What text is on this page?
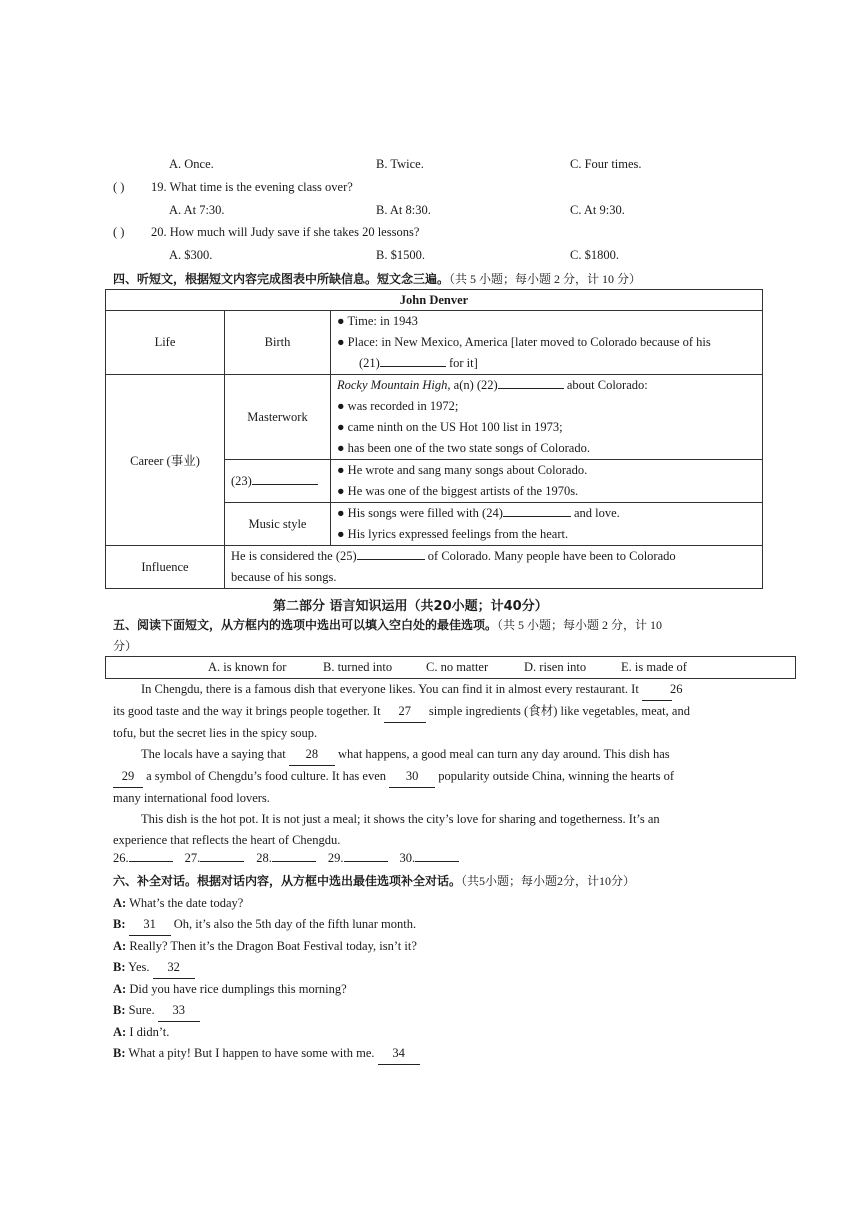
A. Once.	B. Twice.	C. Four times.
( ) 19. What time is the evening class over?
A. At 7:30.	B. At 8:30.	C. At 9:30.
( ) 20. How much will Judy save if she takes 20 lessons?
A. $300.	B. $1500.	C. $1800.
四、听短文，根据短文内容完成图表中所缺信息。短文念三遍。（共 5 小题；每小题 2 分，计 10 分）
John Denver		
Life	Birth	● Time: in 1943
● Place: in New Mexico, America [later moved to Colorado because of his
(21) for it]

Career (事业)	Masterwork	Rocky Mountain High, a(n) (22) about Colorado:
● was recorded in 1972;
● came ninth on the US Hot 100 list in 1973;
● has been one of the two state songs of Colorado.

	(23)	● He wrote and sang many songs about Colorado.
● He was one of the biggest artists of the 1970s.

	Music style	● His songs were filled with (24) and love.
● His lyrics expressed feelings from the heart.

Influence	He is considered the (25) of Colorado. Many people have been to Colorado
because of his songs.	
第二部分 语言知识运用（共20小题；计40分）
五、阅读下面短文，从方框内的选项中选出可以填入空白处的最佳选项。（共 5 小题；每小题 2 分，计 10
分）
A. is known for	B. turned into	C. no matter	D. risen into	E. is made of
In Chengdu, there is a famous dish that everyone likes. You can find it in almost every restaurant. It 26
its good taste and the way it brings people together. It 27 simple ingredients (食材) like vegetables, meat, and
tofu, but the secret lies in the spicy soup.
The locals have a saying that 28 what happens, a good meal can turn any day around. This dish has
29 a symbol of Chengdu’s food culture. It has even 30 popularity outside China, winning the hearts of
many international food lovers.
This dish is the hot pot. It is not just a meal; it shows the city’s love for sharing and togetherness. It’s an
experience that reflects the heart of Chengdu.
26.	27.	28.	29.	30.
六、补全对话。根据对话内容，从方框中选出最佳选项补全对话。（共5小题；每小题2分，计10分）
A: What’s the date today?
B: 31 Oh, it’s also the 5th day of the fifth lunar month.
A: Really? Then it’s the Dragon Boat Festival today, isn’t it?
B: Yes. 32
A: Did you have rice dumplings this morning?
B: Sure. 33
A: I didn’t.
B: What a pity! But I happen to have some with me. 34
